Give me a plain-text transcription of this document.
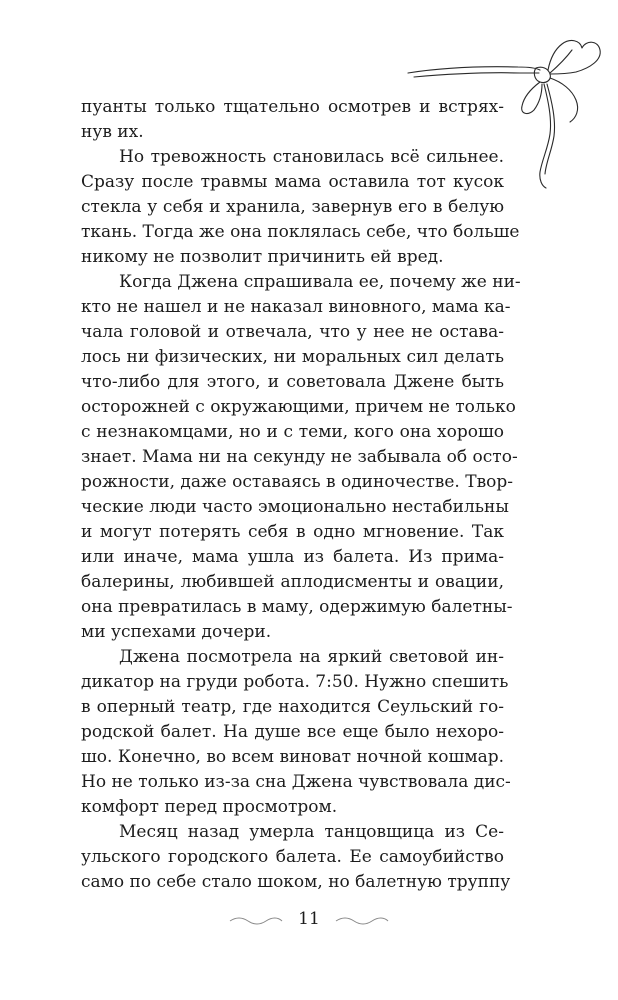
пуанты только тщательно осмотрев и встрях-
нув их.
Но тревожность становилась всё сильнее.
Сразу после травмы мама оставила тот кусок
стекла у себя и хранила, завернув его в белую
ткань. Тогда же она поклялась себе, что больше
никому не позволит причинить ей вред.
Когда Джена спрашивала ее, почему же ни-
кто не нашел и не наказал виновного, мама ка-
чала головой и отвечала, что у нее не остава-
лось ни физических, ни моральных сил делать
что-либо для этого, и советовала Джене быть
осторожней с окружающими, причем не только
с незнакомцами, но и с теми, кого она хорошо
знает. Мама ни на секунду не забывала об осто-
рожности, даже оставаясь в одиночестве. Твор-
ческие люди часто эмоционально нестабильны
и могут потерять себя в одно мгновение. Так
или иначе, мама ушла из балета. Из прима-
балерины, любившей аплодисменты и овации,
она превратилась в маму, одержимую балетны-
ми успехами дочери.
Джена посмотрела на яркий световой ин-
дикатор на груди робота. 7:50. Нужно спешить
в оперный театр, где находится Сеульский го-
родской балет. На душе все еще было нехоро-
шо. Конечно, во всем виноват ночной кошмар.
Но не только из-за сна Джена чувствовала дис-
комфорт перед просмотром.
Месяц назад умерла танцовщица из Се-
ульского городского балета. Ее самоубийство
само по себе стало шоком, но балетную труппу
11
